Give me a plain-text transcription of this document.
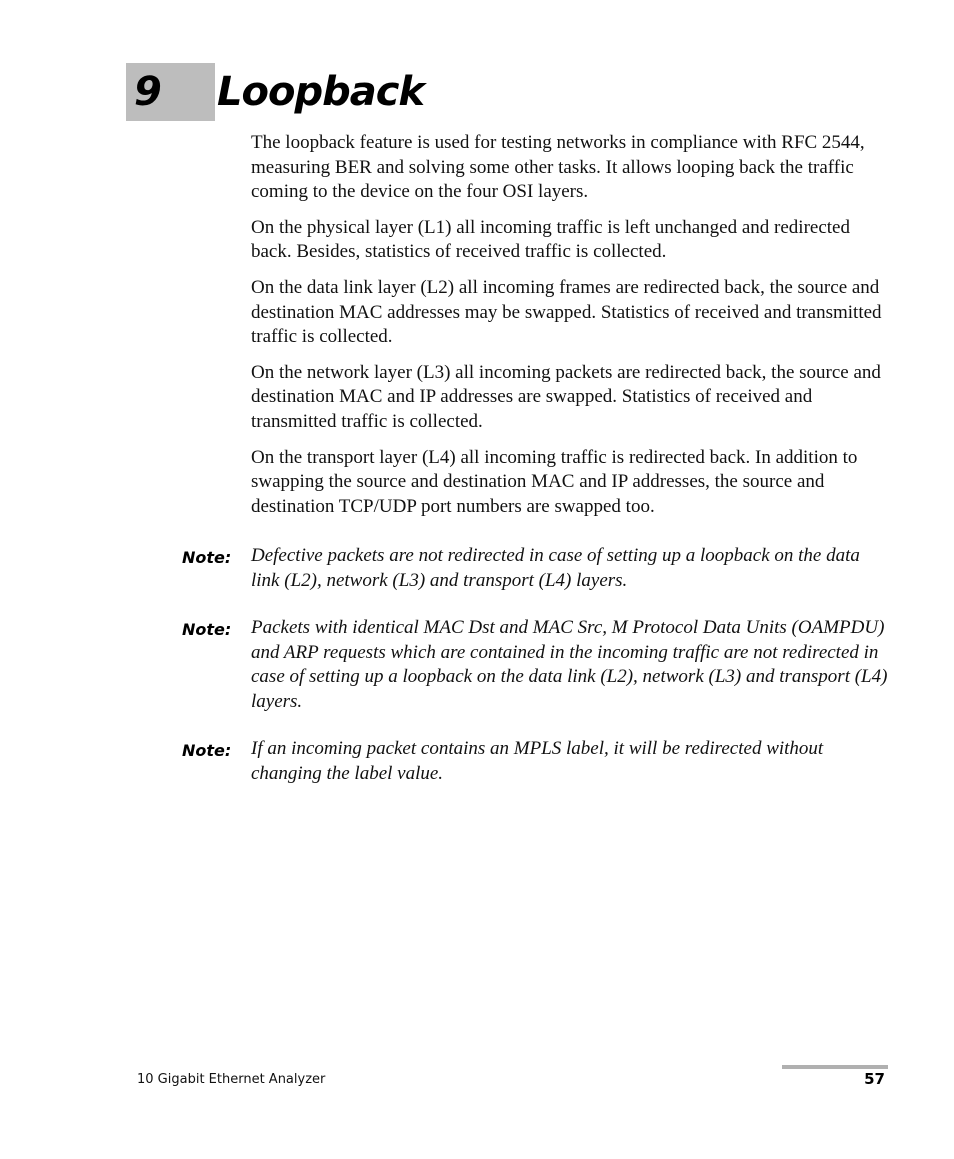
9 Loopback

The loopback feature is used for testing networks in compliance with RFC 2544, measuring BER and solving some other tasks. It allows looping back the traffic coming to the device on the four OSI layers.

On the physical layer (L1) all incoming traffic is left unchanged and redirected back. Besides, statistics of received traffic is collected.

On the data link layer (L2) all incoming frames are redirected back, the source and destination MAC addresses may be swapped. Statistics of received and transmitted traffic is collected.

On the network layer (L3) all incoming packets are redirected back, the source and destination MAC and IP addresses are swapped. Statistics of received and transmitted traffic is collected.

On the transport layer (L4) all incoming traffic is redirected back. In addition to swapping the source and destination MAC and IP addresses, the source and destination TCP/UDP port numbers are swapped too.

Note: Defective packets are not redirected in case of setting up a loopback on the data link (L2), network (L3) and transport (L4) layers.
Note: Packets with identical MAC Dst and MAC Src, M Protocol Data Units (OAMPDU) and ARP requests which are contained in the incoming traffic are not redirected in case of setting up a loopback on the data link (L2), network (L3) and transport (L4) layers.
Note: If an incoming packet contains an MPLS label, it will be redirected without changing the label value.
10 Gigabit Ethernet Analyzer	57
